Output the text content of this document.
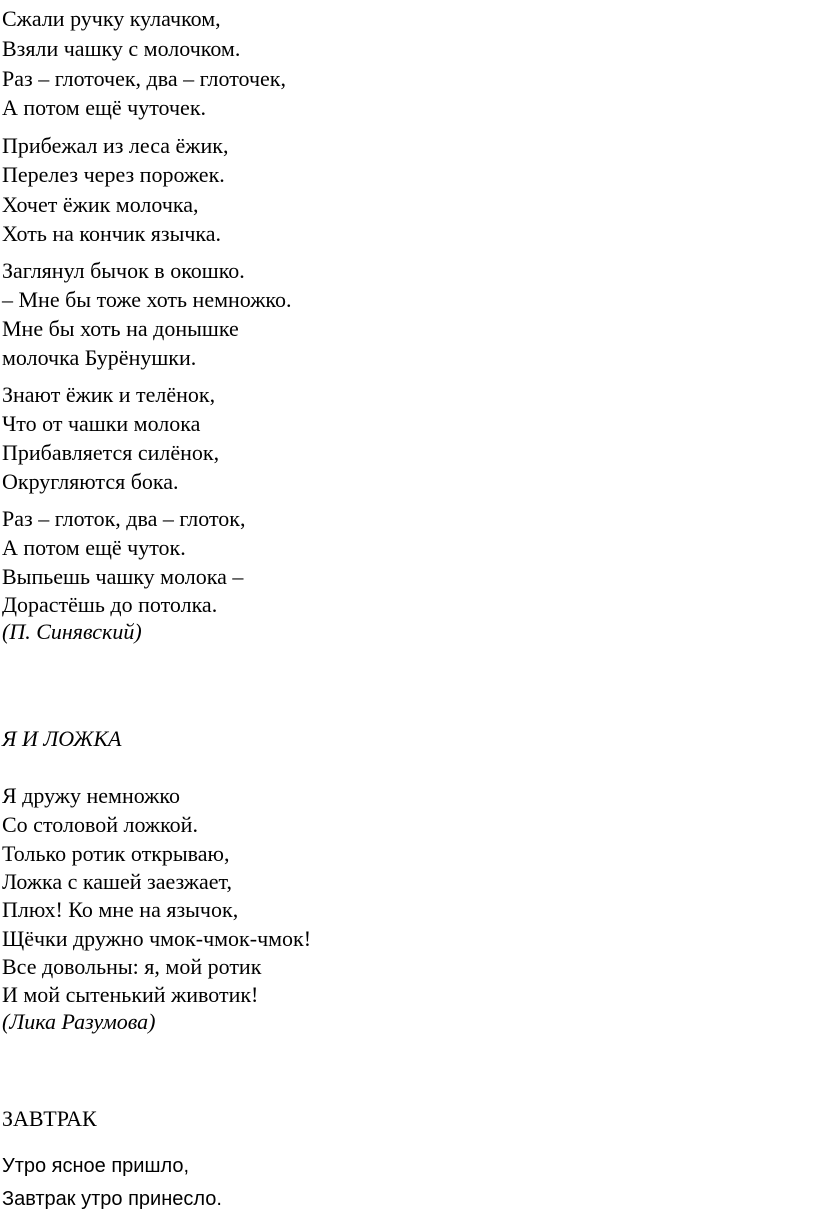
Сжали ручку кулачком,
Взяли чашку с молочком.
Раз – глоточек, два – глоточек,
А потом ещё чуточек.
Прибежал из леса ёжик,
Перелез через порожек.
Хочет ёжик молочка,
Хоть на кончик язычка.
Заглянул бычок в окошко.
– Мне бы тоже хоть немножко.
Мне бы хоть на донышке
молочка Бурёнушки.
Знают ёжик и телёнок,
Что от чашки молока
Прибавляется силёнок,
Округляются бока.
Раз – глоток, два – глоток,
А потом ещё чуток.
Выпьешь чашку молока –
Дорастёшь до потолка.
(П. Синявский)
Я И ЛОЖКА
Я дружу немножко
Со столовой ложкой.
Только ротик открываю,
Ложка с кашей заезжает,
Плюх! Ко мне на язычок,
Щёчки дружно чмок-чмок-чмок!
Все довольны: я, мой ротик
И мой сытенький животик!
(Лика Разумова)
ЗАВТРАК
Утро ясное пришло,
Завтрак утро принесло.
